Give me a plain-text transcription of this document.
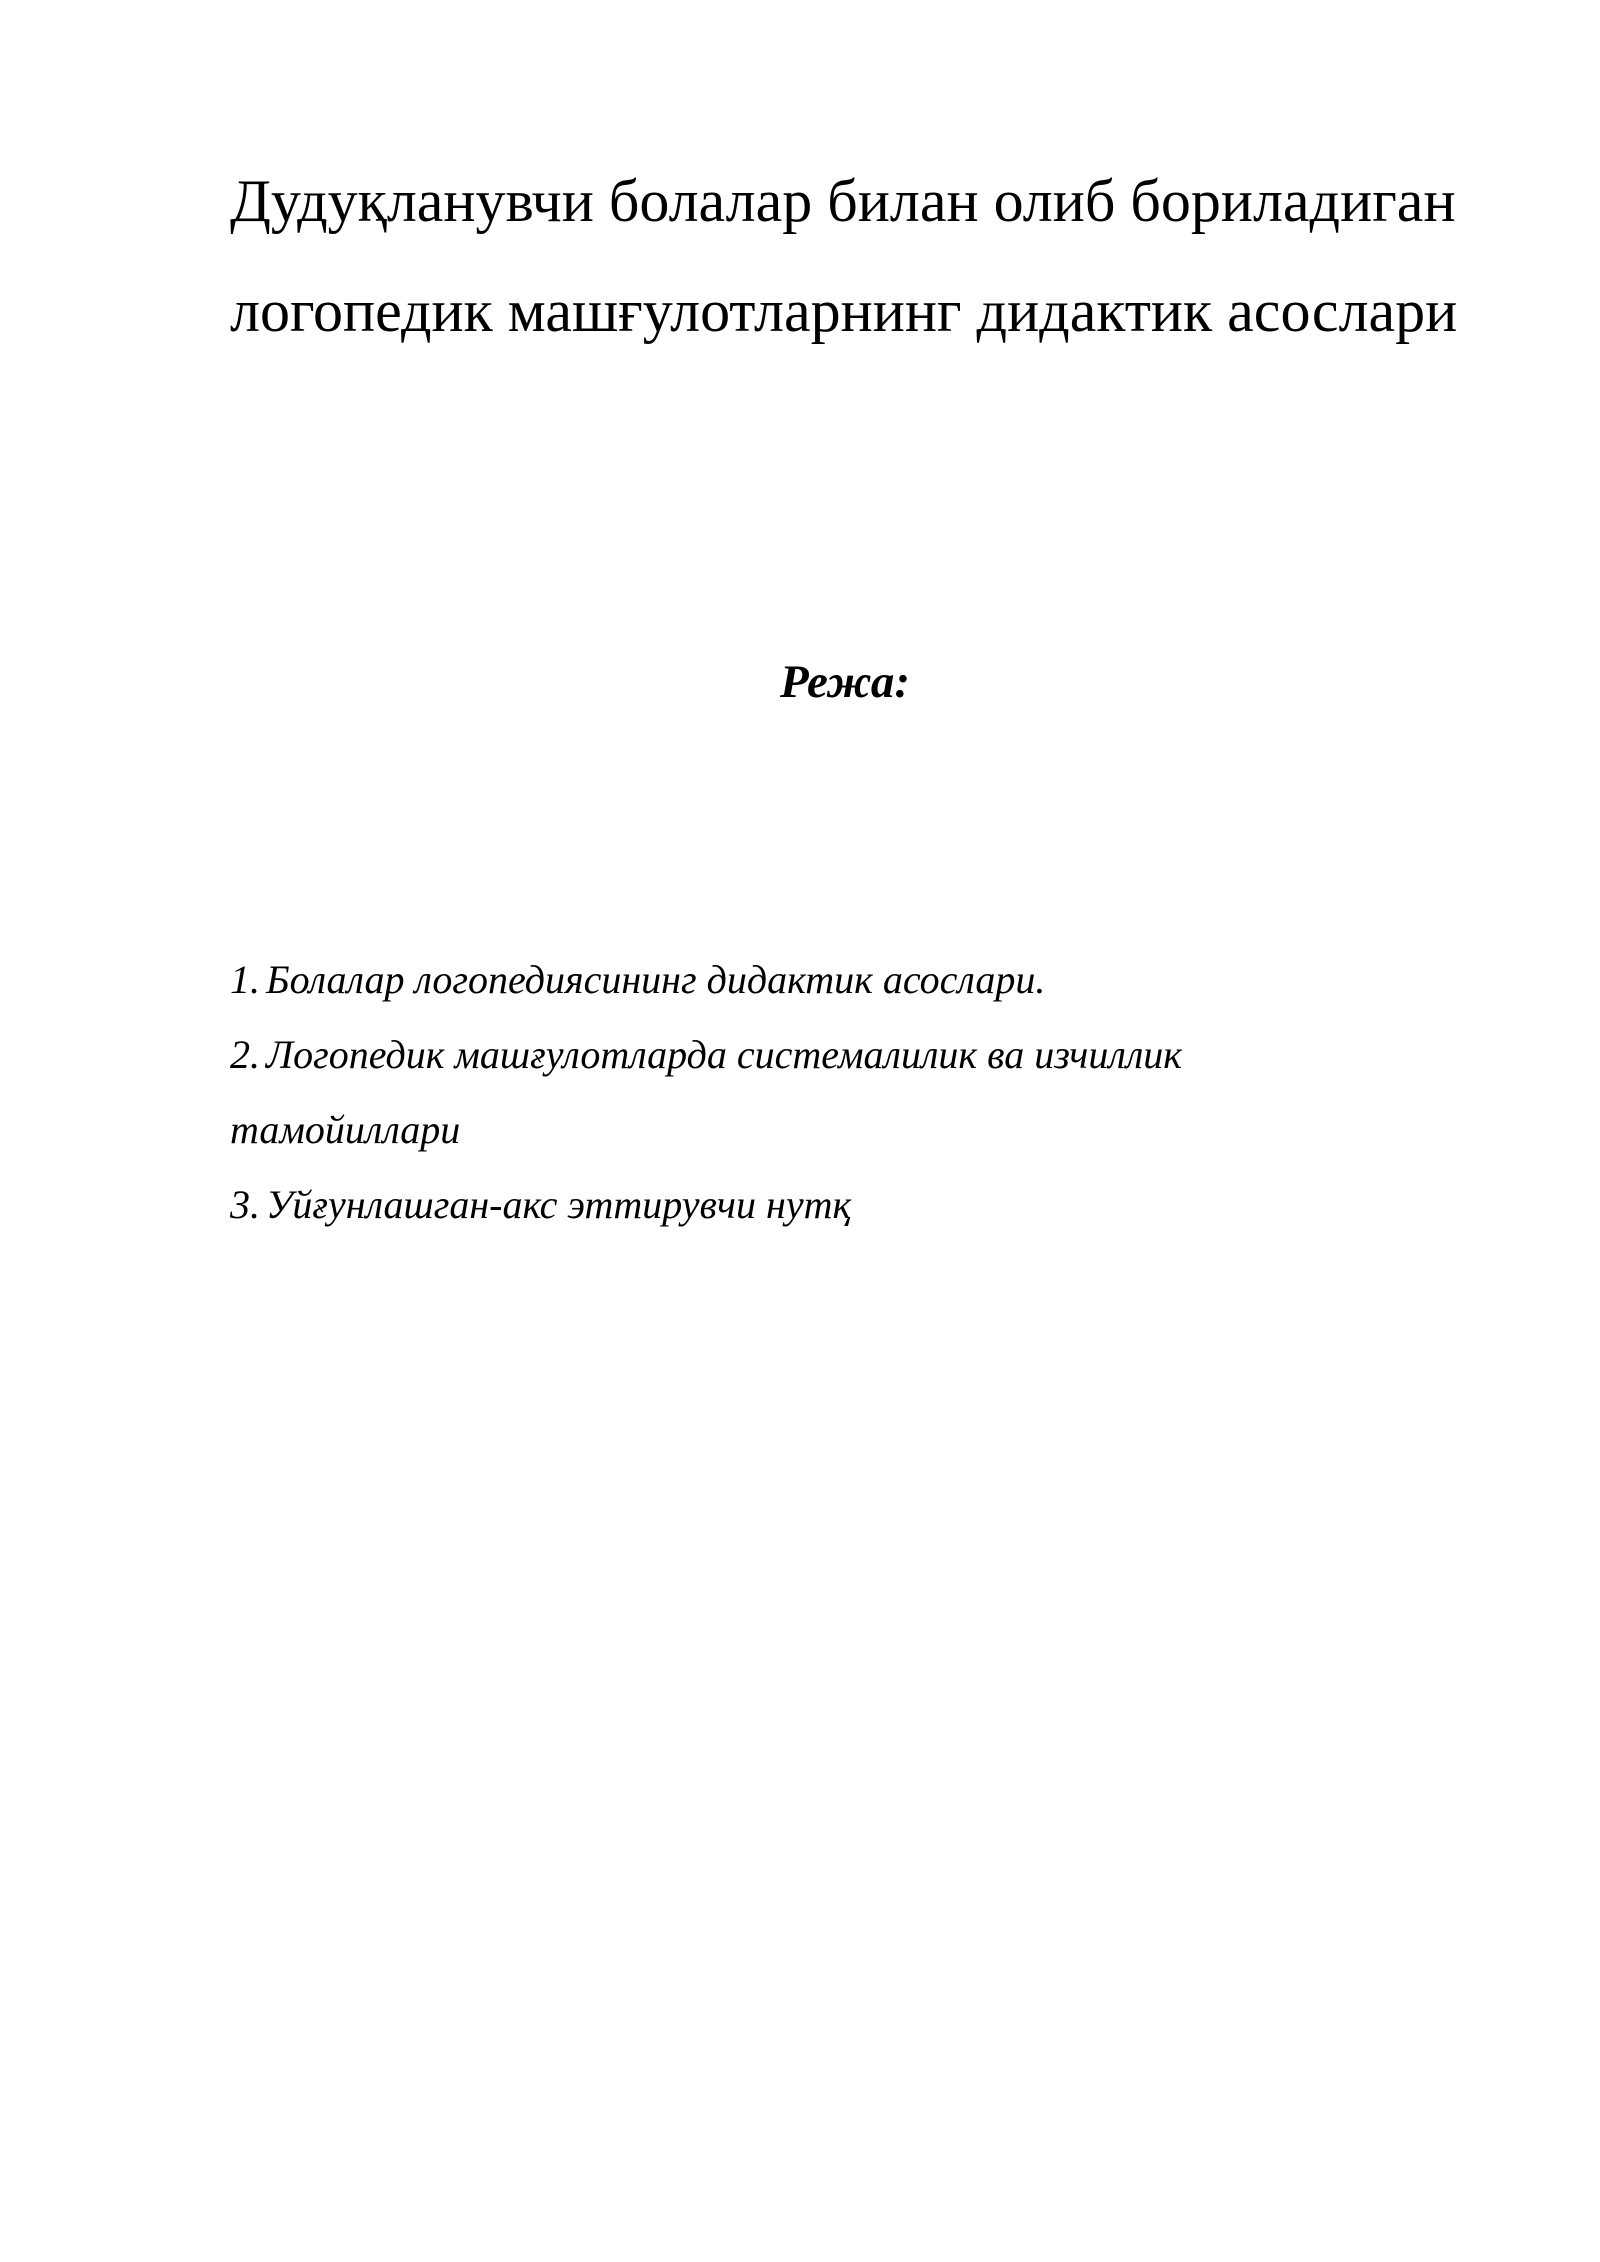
Дудуқланувчи болалар билан олиб бориладиган
логопедик машғулотларнинг дидактик асослари
Режа:
1. Болалар логопедиясининг дидактик асослари.
2. Логопедик машғулотларда системалилик ва изчиллик
тамойиллари
3. Уйғунлашган-акс эттирувчи нутқ
